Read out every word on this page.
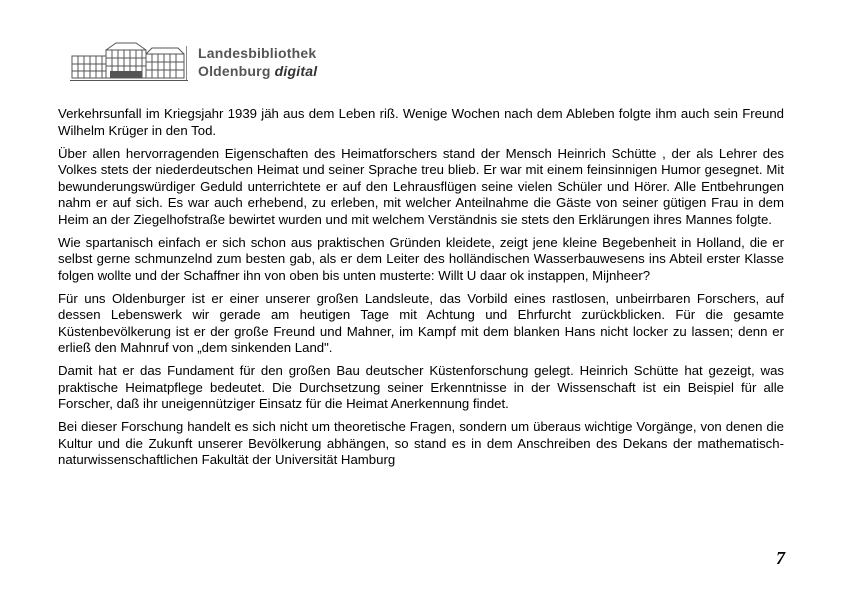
Landesbibliothek
Oldenburg digital

Verkehrsunfall im Kriegsjahr 1939 jäh aus dem Leben riß. Wenige Wochen nach dem Ableben folgte ihm auch sein Freund Wilhelm Krüger in den Tod.

Über allen hervorragenden Eigenschaften des Heimatforschers stand der Mensch Heinrich Schütte , der als Lehrer des Volkes stets der niederdeutschen Heimat und seiner Sprache treu blieb. Er war mit einem feinsinnigen Humor gesegnet. Mit bewunderungswürdiger Geduld unterrichtete er auf den Lehrausflügen seine vielen Schüler und Hörer. Alle Entbehrungen nahm er auf sich. Es war auch erhebend, zu erleben, mit welcher Anteilnahme die Gäste von seiner gütigen Frau in dem Heim an der Ziegelhofstraße bewirtet wurden und mit welchem Verständnis sie stets den Erklärungen ihres Mannes folgte.

Wie spartanisch einfach er sich schon aus praktischen Gründen kleidete, zeigt jene kleine Begebenheit in Holland, die er selbst gerne schmunzelnd zum besten gab, als er dem Leiter des holländischen Wasserbauwesens ins Abteil erster Klasse folgen wollte und der Schaffner ihn von oben bis unten musterte: Willt U daar ok instappen, Mijnheer?

Für uns Oldenburger ist er einer unserer großen Landsleute, das Vorbild eines rastlosen, unbeirrbaren Forschers, auf dessen Lebenswerk wir gerade am heutigen Tage mit Achtung und Ehrfurcht zurückblicken. Für die gesamte Küstenbevölkerung ist er der große Freund und Mahner, im Kampf mit dem blanken Hans nicht locker zu lassen; denn er erließ den Mahnruf von „dem sinkenden Land".

Damit hat er das Fundament für den großen Bau deutscher Küstenforschung gelegt. Heinrich Schütte hat gezeigt, was praktische Heimatpflege bedeutet. Die Durchsetzung seiner Erkenntnisse in der Wissenschaft ist ein Beispiel für alle Forscher, daß ihr uneigennütziger Einsatz für die Heimat Anerkennung findet.

Bei dieser Forschung handelt es sich nicht um theoretische Fragen, sondern um überaus wichtige Vorgänge, von denen die Kultur und die Zukunft unserer Bevölkerung abhängen, so stand es in dem Anschreiben des Dekans der mathematisch-naturwissenschaftlichen Fakultät der Universität Hamburg

7
